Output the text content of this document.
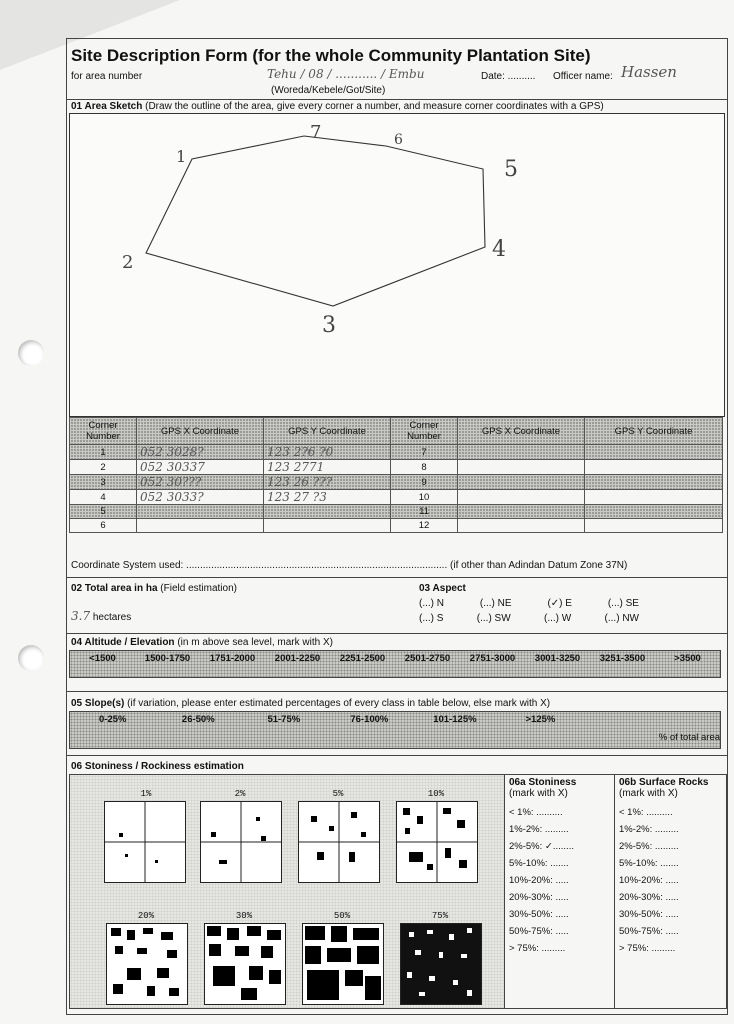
Site Description Form (for the whole Community Plantation Site)
for area number	Tehu / 08 / ........... / Embu	Date: .......... Officer name: Hassen
(Woreda/Kebele/Got/Site)
01 Area Sketch (Draw the outline of the area, give every corner a number, and measure corner coordinates with a GPS)
7	6
5
4
3
2
1
Corner Number	GPS X Coordinate	GPS Y Coordinate	Corner Number	GPS X Coordinate	GPS Y Coordinate
1	052 3028?	123 2?6 ?0	7		
2	052 30337	123 2771	8		
3	052 30???	123 26 ???	9		
4	052 3033?	123 27 ?3	10		
5			11		
6			12		
Coordinate System used: .............................................................................................. (if other than Adindan Datum Zone 37N)
02 Total area in ha (Field estimation)
3.7 hectares
03 Aspect
(...) N	(...) NE	(✓) E	(...) SE
(...) S	(...) SW	(...) W	(...) NW
04 Altitude / Elevation (in m above sea level, mark with X)
<1500	1500-1750	1751-2000	2001-2250	2251-2500	2501-2750	2751-3000	3001-3250	3251-3500	>3500
05 Slope(s) (if variation, please enter estimated percentages of every class in table below, else mark with X)
0-25%	26-50%	51-75%	76-100%	101-125%	>125%
% of total area
06 Stoniness / Rockiness estimation
1%	2%	5%	10%
20%	30%	50%	75%
06a Stoniness
(mark with X)
< 1%: ..........
1%-2%: .........
2%-5%: ✓........
5%-10%: .......
10%-20%: .....
20%-30%: .....
30%-50%: .....
50%-75%: .....
> 75%: .........
06b Surface Rocks
(mark with X)
< 1%: ..........
1%-2%: .........
2%-5%: .........
5%-10%: .......
10%-20%: .....
20%-30%: .....
30%-50%: .....
50%-75%: .....
> 75%: .........
